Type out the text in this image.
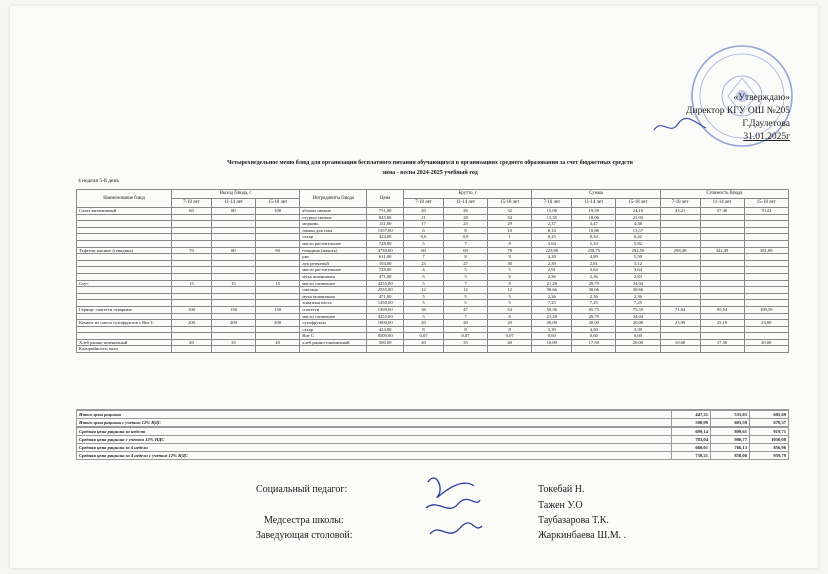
«Утверждаю»
Директор КГУ ОШ №205
Г.Даулетова
31.01.2025г
Четырехнедельное меню блюд для организации бесплатного питания обучающихся в организациях среднего образования за счет бюджетных средств
зима - весна 2024-2025 учебный год
4 неделя 5-й день
Наименование блюд	Выход блюда, г			Ингредиенты блюда	Цена	Брутто, г			Сумма			Стоимость блюда		
	7-10 лет	11-14 лет	15-18 лет			7-10 лет	11-14 лет	15-18 лет	7-10 лет	11-14 лет	15-18 лет	7-10 лет	11-14 лет	15-18 лет
Салат витаминный	60	80	100	яблоки свежие	751,00	20	26	32	15,06	19,58	24,10	43,21	57,40	70,22
				огурцы свежие	845,00	21	28	34	13,35	18,06	21,93			
				морковь	131,00	17	23	29	2,37	3,47	4,38			
				лимон для сока	1357,00	6	8	10	8,14	10,86	13,57			
				сахар	424,00	0,6	0,8	1	0,25	0,34	0,42			
				масло растительное	728,00	5	7	8	3,64	5,10	5,82			
Тефтели мясные (говядина)	70	80	90	говядина (мякоть)	3730,00	60	69	78	223,80	258,75	292,50	298,48	342,49	381,89
				рис	611,00	7	8	9	4,28	4,89	5,50			
				лук репчатый	104,00	23	27	30	2,39	2,81	3,12			
				масло растительное	728,00	4	5	5	2,91	3,64	3,64			
				мука пшеничная	471,00	5	5	6	2,36	2,36	2,83			
Соус	15	15	15	масло сливочное	4255,00	5	7	8	21,28	29,79	34,04			
				сметана	2555,00	12	12	12	30,66	30,66	30,66			
				мука пшеничная	471,00	5	5	5	2,36	2,36	2,36			
				томатная паста	1450,00	5	5	5	7,25	7,25	7,25			
Гарнир: спагетти отварные	100	130	150	спагетти	1399,00	36	47	54	50,36	65,75	75,55	71,64	95,54	109,59
				масло сливочное	4255,00	5	7	8	21,28	29,79	34,04			
Компот из смеси сухофруктов с Вит С	200	200	200	сухофрукты	1000,00	20	20	20	20,00	20,00	20,00	23,99	25,10	23,99
				сахар	424,00	8	8	8	3,39	4,50	3,39			
				Вит С	8500,00	0,07	0,07	0,07	0,60	0,60	0,60			
Хлеб ржано-пшеничный	20	35	40	хлеб ржано-пшеничный	500,00	20	35	40	10,00	17,50	20,00	10,00	17,50	20,00
Калорийность, ккал														

Итого цена рациона	447,31	535,03	605,69
Итого цена рациона с учетом 12% НДС	500,99	603,59	678,37

Средняя цена рациона за неделю	699,14	809,61	919,71
Средняя цена рациона с учетом 12% НДС	783,04	906,77	1030,08
Средняя цена рациона за 4 недели	660,01	766,13	856,96
Средняя цена рациона за 4 недели с учетом 12% НДС	739,21	858,06	959,79
Социальный педагог:	Токебай Н.
Тажен У.О
Медсестра школы:	Таубазарова Т.К.
Заведующая столовой:	Жаркинбаева Ш.М. .
